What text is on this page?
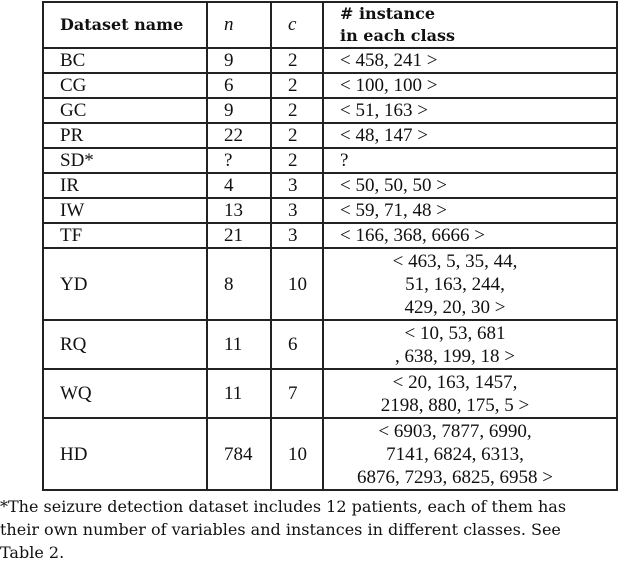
Dataset name	n	c	# instance
in each class
BC	9	2	< 458, 241 >

CG	6	2	< 100, 100 >

GC	9	2	< 51, 163 >

PR	22	2	< 48, 147 >

SD*	?	2	?

IR	4	3	< 50, 50, 50 >

IW	13	3	< 59, 71, 48 >

TF	21	3	< 166, 368, 6666 >

YD	8	10	< 463, 5, 35, 44,
51, 163, 244,
429, 20, 30 >

RQ	11	6	< 10, 53, 681
, 638, 199, 18 >

WQ	11	7	< 20, 163, 1457,
2198, 880, 175, 5 >

HD	784	10	< 6903, 7877, 6990,
7141, 6824, 6313,
6876, 7293, 6825, 6958 >
*The seizure detection dataset includes 12 patients, each of them has
their own number of variables and instances in different classes. See
Table 2.
